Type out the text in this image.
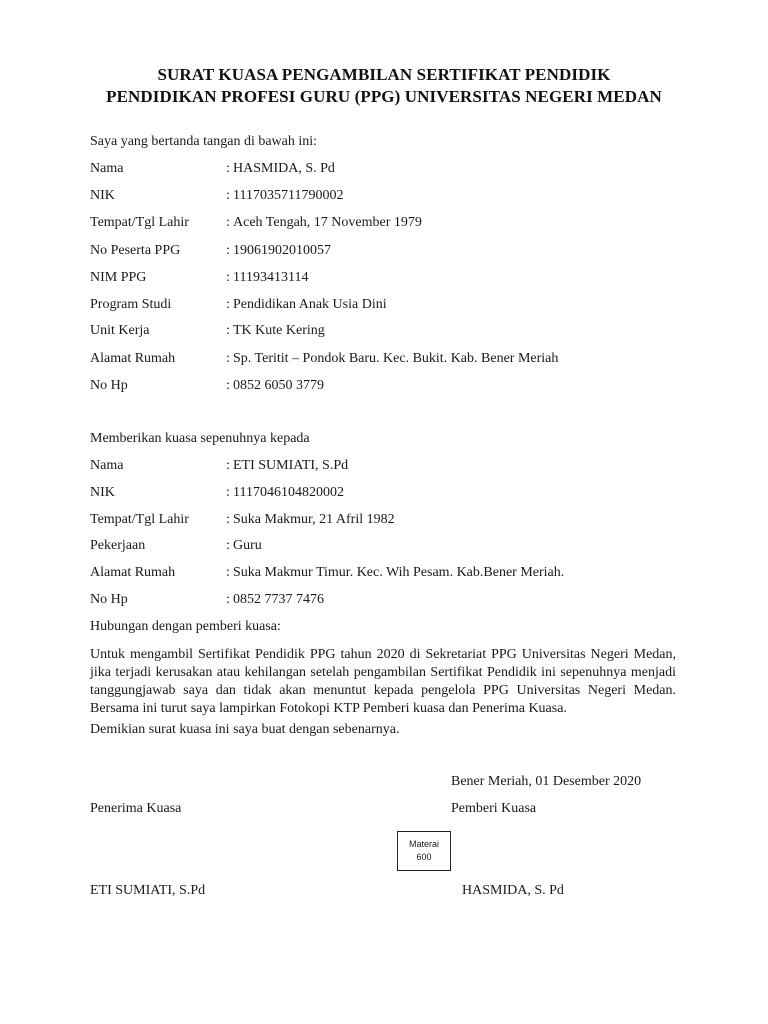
SURAT KUASA PENGAMBILAN SERTIFIKAT PENDIDIK
PENDIDIKAN PROFESI GURU (PPG) UNIVERSITAS NEGERI MEDAN
Saya yang bertanda tangan di bawah ini:
Nama	: HASMIDA, S. Pd
NIK	: 1117035711790002
Tempat/Tgl Lahir	: Aceh Tengah, 17 November 1979
No Peserta PPG	: 19061902010057
NIM PPG	: 11193413114
Program Studi	: Pendidikan Anak Usia Dini
Unit Kerja	: TK Kute Kering
Alamat Rumah	: Sp. Teritit – Pondok Baru. Kec. Bukit. Kab. Bener Meriah
No Hp	: 0852 6050 3779
Memberikan kuasa sepenuhnya kepada
Nama	: ETI SUMIATI, S.Pd
NIK	: 1117046104820002
Tempat/Tgl Lahir	: Suka Makmur, 21 Afril 1982
Pekerjaan	: Guru
Alamat Rumah	: Suka Makmur Timur. Kec. Wih Pesam. Kab.Bener Meriah.
No Hp	: 0852 7737 7476
Hubungan dengan pemberi kuasa:
Untuk mengambil Sertifikat Pendidik PPG tahun 2020 di Sekretariat PPG Universitas Negeri Medan, jika terjadi kerusakan atau kehilangan setelah pengambilan Sertifikat Pendidik ini sepenuhnya menjadi tanggungjawab saya dan tidak akan menuntut kepada pengelola PPG Universitas Negeri Medan. Bersama ini turut saya lampirkan Fotokopi KTP Pemberi kuasa dan Penerima Kuasa.
Demikian surat kuasa ini saya buat dengan sebenarnya.
Bener Meriah, 01 Desember 2020
Penerima Kuasa	Pemberi Kuasa
Materai
600
ETI SUMIATI, S.Pd	HASMIDA, S. Pd
